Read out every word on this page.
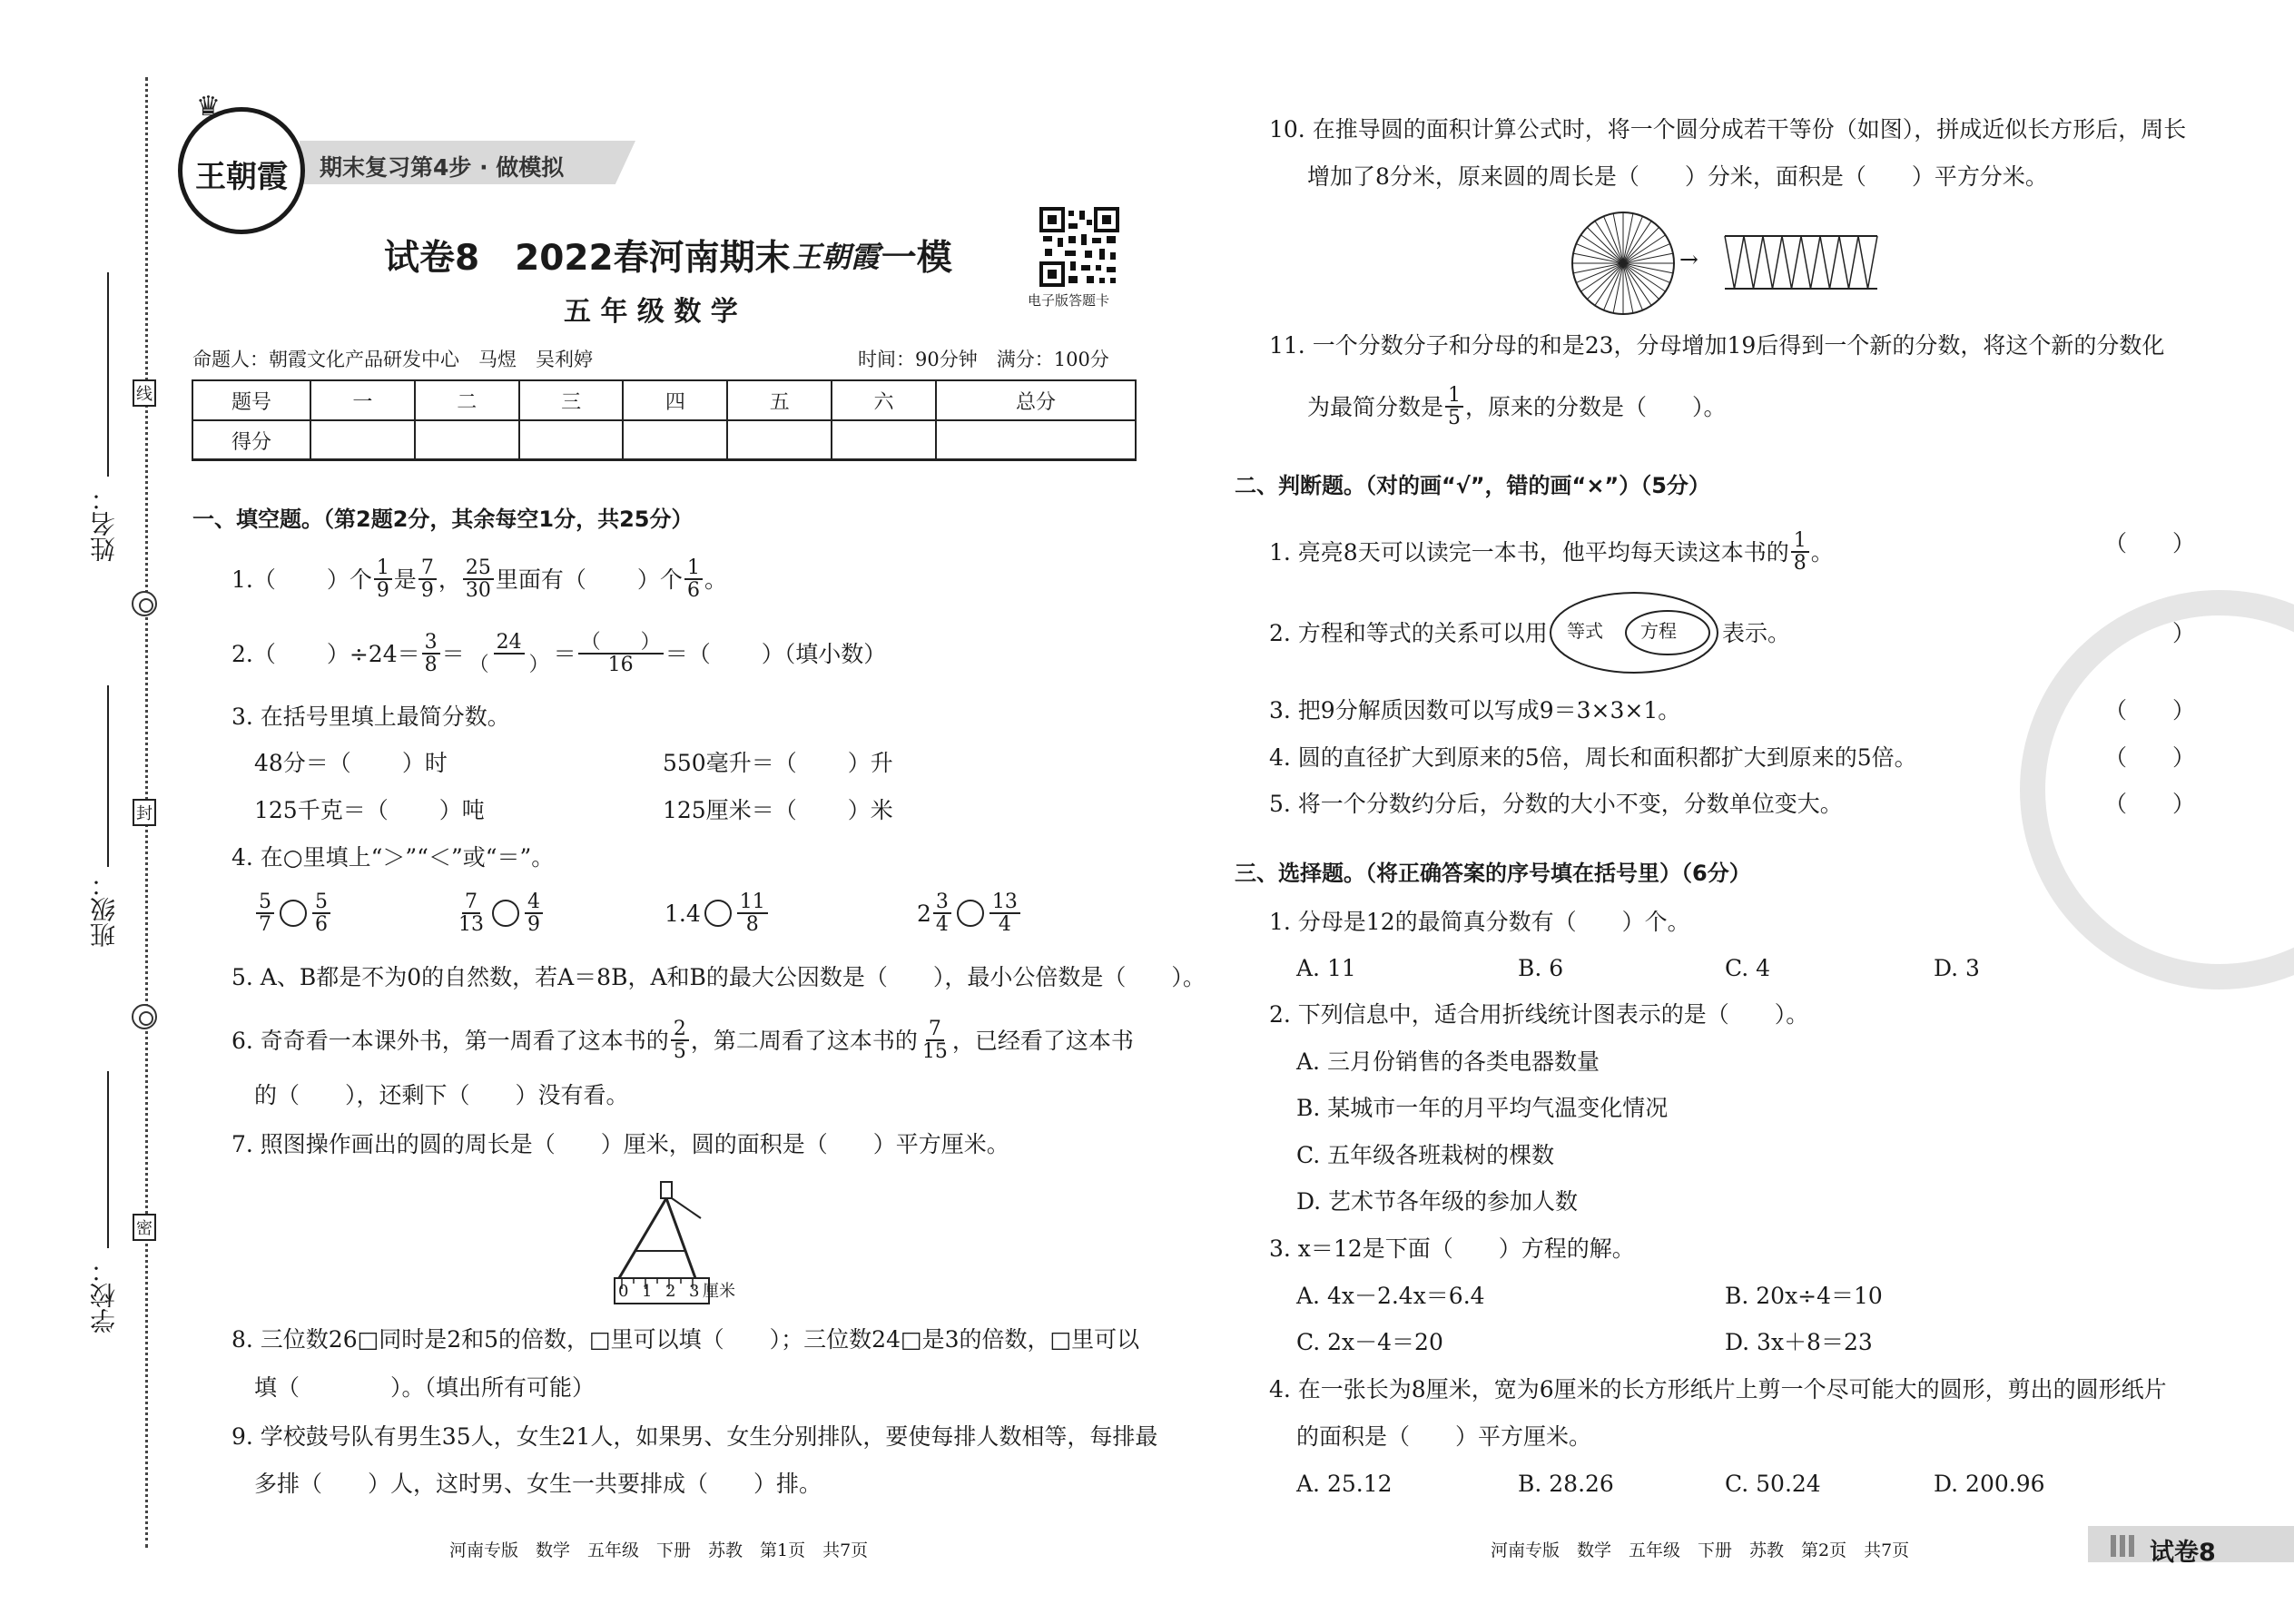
姓名：
班级：
学校：
线
封
密
期末复习第4步 · 做模拟
王朝霞
♛
试卷8　2022春河南期末 王朝霞 一模
五 年 级 数 学	电子版答题卡
命题人：朝霞文化产品研发中心　马煜　吴利婷	时间：90分钟　满分：100分
题号	一	二	三	四	五	六	总分
得分							
一、填空题。（第2题2分，其余每空1分，共25分）
1.（ ）个 $\frac{1}{9}$ 是 $\frac{7}{9}$ ， $\frac{25}{30}$ 里面有（ ）个 $\frac{1}{6}$ 。
2.（ ）$\div 24= \frac{3}{8} = \frac{24}{( )} = \frac{( )}{16}$ ＝（ ）（填小数）
3. 在括号里填上最简分数。
48分＝（ ）时	550毫升＝（ ）升
125千克＝（ ）吨	125厘米＝（ ）米
4. 在○里填上“＞”“＜”或“＝”。
$\frac{5}{7} \frac{5}{6}$	$\frac{7}{13} \frac{4}{9}$	$1.4 \frac{11}{8}$	$2 \frac{3}{4} \frac{13}{4}$
5. A、B都是不为0的自然数，若A＝8B，A和B的最大公因数是（　　），最小公倍数是（　　）。
6. 奇奇看一本课外书，第一周看了这本书的 $\frac{2}{5}$ ，第二周看了这本书的 $\frac{7}{15}$ ，已经看了这本书
的（　　），还剩下（　　）没有看。
7. 照图操作画出的圆的周长是（　　）厘米，圆的面积是（　　）平方厘米。
0 1 2 3 厘米
8. 三位数26□同时是2和5的倍数，□里可以填（　　）；三位数24□是3的倍数，□里可以
填（　　　　）。（填出所有可能）
9. 学校鼓号队有男生35人，女生21人，如果男、女生分别排队，要使每排人数相等，每排最
多排（　　）人，这时男、女生一共要排成（　　）排。
10. 在推导圆的面积计算公式时，将一个圆分成若干等份（如图），拼成近似长方形后，周长
增加了8分米，原来圆的周长是（　　）分米，面积是（　　）平方分米。
→
11. 一个分数分子和分母的和是23，分母增加19后得到一个新的分数，将这个新的分数化
为最简分数是 $\frac{1}{5}$ ，原来的分数是（　　）。
二、判断题。（对的画“√”，错的画“×”）（5分）
1. 亮亮8天可以读完一本书，他平均每天读这本书的 $\frac{1}{8}$ 。	（　　）
2. 方程和等式的关系可以用 等式 方程 表示。	（　　）
3. 把9分解质因数可以写成9＝3×3×1。	（　　）
4. 圆的直径扩大到原来的5倍，周长和面积都扩大到原来的5倍。	（　　）
5. 将一个分数约分后，分数的大小不变，分数单位变大。	（　　）
三、选择题。（将正确答案的序号填在括号里）（6分）
1. 分母是12的最简真分数有（　　）个。
A. 11	B. 6	C. 4	D. 3
2. 下列信息中，适合用折线统计图表示的是（　　）。
A. 三月份销售的各类电器数量
B. 某城市一年的月平均气温变化情况
C. 五年级各班栽树的棵数
D. 艺术节各年级的参加人数
3. x＝12是下面（　　）方程的解。
A. 4x－2.4x＝6.4	B. 20x÷4＝10
C. 2x－4＝20	D. 3x＋8＝23
4. 在一张长为8厘米，宽为6厘米的长方形纸片上剪一个尽可能大的圆形，剪出的圆形纸片
的面积是（　　）平方厘米。
A. 25.12	B. 28.26	C. 50.24	D. 200.96
河南专版　数学　五年级　下册　苏教　第1页　共7页	河南专版　数学　五年级　下册　苏教　第2页　共7页	试卷8
